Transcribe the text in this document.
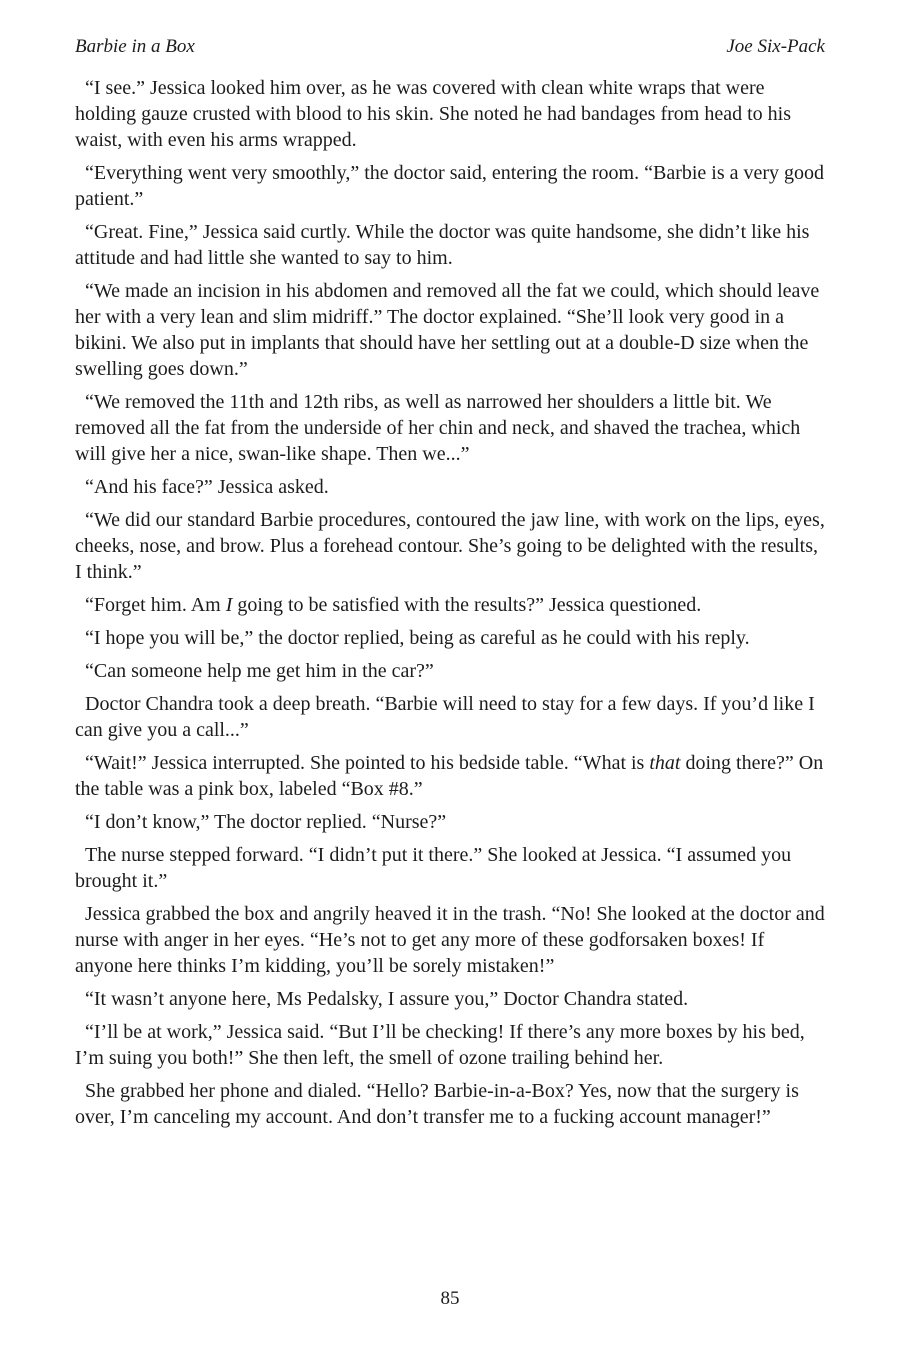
Barbie in a Box	Joe Six-Pack

“I see.” Jessica looked him over, as he was covered with clean white wraps that were holding gauze crusted with blood to his skin. She noted he had bandages from head to his waist, with even his arms wrapped.

“Everything went very smoothly,” the doctor said, entering the room. “Barbie is a very good patient.”

“Great. Fine,” Jessica said curtly. While the doctor was quite handsome, she didn’t like his attitude and had little she wanted to say to him.

“We made an incision in his abdomen and removed all the fat we could, which should leave her with a very lean and slim midriff.” The doctor explained. “She’ll look very good in a bikini. We also put in implants that should have her settling out at a double-D size when the swelling goes down.”

“We removed the 11th and 12th ribs, as well as narrowed her shoulders a little bit. We removed all the fat from the underside of her chin and neck, and shaved the trachea, which will give her a nice, swan-like shape. Then we...”

“And his face?” Jessica asked.

“We did our standard Barbie procedures, contoured the jaw line, with work on the lips, eyes, cheeks, nose, and brow. Plus a forehead contour. She’s going to be delighted with the results, I think.”

“Forget him. Am I going to be satisfied with the results?” Jessica questioned.

“I hope you will be,” the doctor replied, being as careful as he could with his reply.

“Can someone help me get him in the car?”

Doctor Chandra took a deep breath. “Barbie will need to stay for a few days. If you’d like I can give you a call...”

“Wait!” Jessica interrupted. She pointed to his bedside table. “What is that doing there?” On the table was a pink box, labeled “Box #8.”

“I don’t know,” The doctor replied. “Nurse?”

The nurse stepped forward. “I didn’t put it there.” She looked at Jessica. “I assumed you brought it.”

Jessica grabbed the box and angrily heaved it in the trash. “No! She looked at the doctor and nurse with anger in her eyes. “He’s not to get any more of these godforsaken boxes! If anyone here thinks I’m kidding, you’ll be sorely mistaken!”

“It wasn’t anyone here, Ms Pedalsky, I assure you,” Doctor Chandra stated.

“I’ll be at work,” Jessica said. “But I’ll be checking! If there’s any more boxes by his bed, I’m suing you both!” She then left, the smell of ozone trailing behind her.

She grabbed her phone and dialed. “Hello? Barbie-in-a-Box? Yes, now that the surgery is over, I’m canceling my account. And don’t transfer me to a fucking account manager!”

85
